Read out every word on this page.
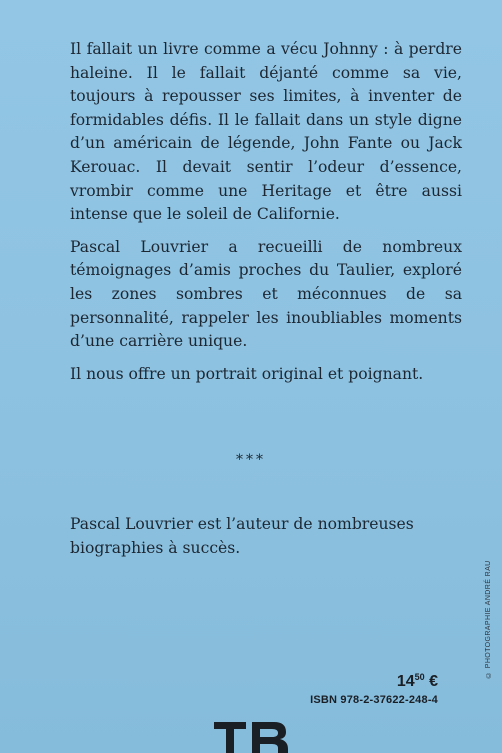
Il fallait un livre comme a vécu Johnny : à perdre haleine. Il le fallait déjanté comme sa vie, toujours à repousser ses limites, à inventer de formidables défis. Il le fallait dans un style digne d’un américain de légende, John Fante ou Jack Kerouac. Il devait sentir l’odeur d’essence, vrombir comme une Heritage et être aussi intense que le soleil de Californie.

Pascal Louvrier a recueilli de nombreux témoignages d’amis proches du Taulier, exploré les zones sombres et méconnues de sa personnalité, rappeler les inoubliables moments d’une carrière unique.

Il nous offre un portrait original et poignant.

***
Pascal Louvrier est l’auteur de nombreuses biographies à succès.
$14^{50}$ €
ISBN 978-2-37622-248-4
© PHOTOGRAPHIE ANDRÉ RAU
